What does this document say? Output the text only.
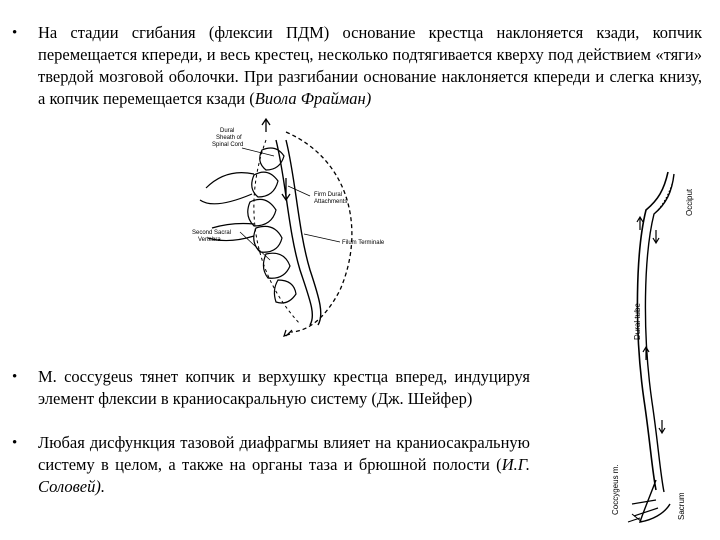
•	На стадии сгибания (флексии ПДМ) основание крестца наклоняется кзади, копчик перемещается кпереди, и весь крестец, несколько подтягивается кверху под действием «тяги» твердой мозговой оболочки. При разгибании основание наклоняется кпереди и слегка книзу, а копчик перемещается кзади (Виола Фрайман)
Dural
Sheath of
Spinal Cord
Firm Dural
Attachments
Second Sacral
Vertebra	Filum Terminale
•	M. coccygeus тянет копчик и верхушку крестца вперед, индуцируя элемент флексии в краниосакральную систему (Дж. Шейфер)
•	Любая дисфункция тазовой диафрагмы влияет на краниосакральную систему в целом, а также на органы таза и брюшной полости (И.Г. Соловей).
Occiput
Dural tube
Coccygeus m.	Sacrum
